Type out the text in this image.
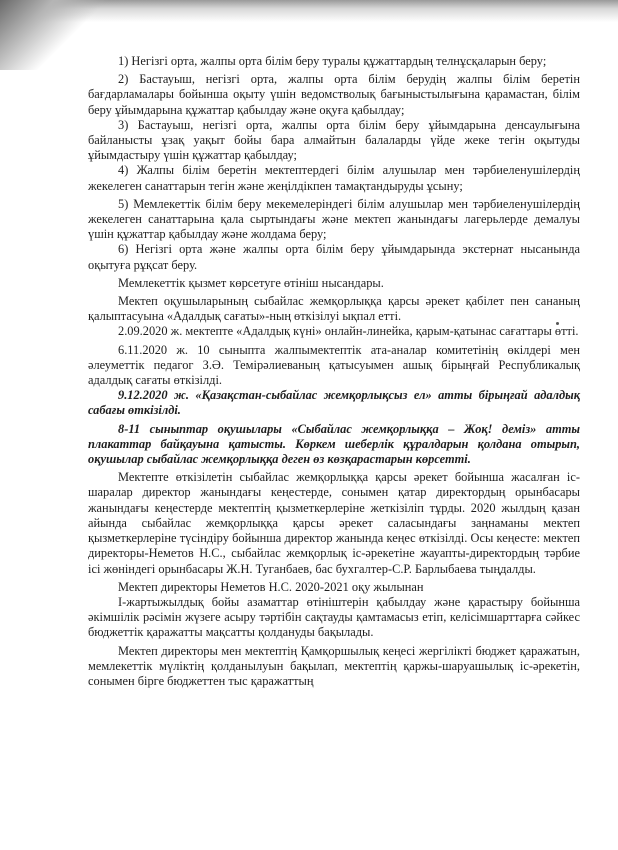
1) Негізгі орта, жалпы орта білім беру туралы құжаттардың телнұсқаларын беру;

2) Бастауыш, негізгі орта, жалпы орта білім берудің жалпы білім беретін бағдарламалары бойынша оқыту үшін ведомстволық бағыныстылығына қарамастан, білім беру ұйымдарына құжаттар қабылдау және оқуға қабылдау;

3) Бастауыш, негізгі орта, жалпы орта білім беру ұйымдарына денсаулығына байланысты ұзақ уақыт бойы бара алмайтын балаларды үйде жеке тегін оқытуды ұйымдастыру үшін құжаттар қабылдау;

4) Жалпы білім беретін мектептердегі білім алушылар мен тәрбиеленушілердің жекелеген санаттарын тегін және жеңілдікпен тамақтандыруды ұсыну;

5) Мемлекеттік білім беру мекемелеріндегі білім алушылар мен тәрбиеленушілердің жекелеген санаттарына қала сыртындағы және мектеп жанындағы лагерьлерде демалуы үшін құжаттар қабылдау және жолдама беру;

6) Негізгі орта және жалпы орта білім беру ұйымдарында экстернат нысанында оқытуға рұқсат беру.

Мемлекеттік қызмет көрсетуге өтініш нысандары.

Мектеп оқушыларының сыбайлас жемқорлыққа қарсы әрекет қабілет пен сананың қалыптасуына «Адалдық сағаты»-ның өткізілуі ықпал етті.

2.09.2020 ж. мектепте «Адалдық күні» онлайн-линейка, қарым-қатынас сағаттары өтті.

6.11.2020 ж. 10 сыныпта жалпымектептік ата-аналар комитетінің өкілдері мен әлеуметтік педагог З.Ә. Темірәлиеваның қатысуымен ашық бірыңғай Республикалық адалдық сағаты өткізілді.

9.12.2020 ж. «Қазақстан-сыбайлас жемқорлықсыз ел» атты бірыңғай адалдық сабағы өткізілді.

8-11 сыныптар оқушылары «Сыбайлас жемқорлыққа – Жоқ! деміз» атты плакаттар байқауына қатысты. Көркем шеберлік құралдарын қолдана отырып, оқушылар сыбайлас жемқорлыққа деген өз көзқарастарын көрсетті.

Мектепте өткізілетін сыбайлас жемқорлыққа қарсы әрекет бойынша жасалған іс-шаралар директор жанындағы кеңестерде, сонымен қатар директордың орынбасары жанындағы кеңестерде мектептің қызметкерлеріне жеткізіліп тұрды. 2020 жылдың қазан айында сыбайлас жемқорлыққа қарсы әрекет саласындағы заңнаманы мектеп қызметкерлеріне түсіндіру бойынша директор жанында кеңес өткізілді. Осы кеңесте: мектеп директоры-Неметов Н.С., сыбайлас жемқорлық іс-әрекетіне жауапты-директордың тәрбие ісі жөніндегі орынбасары Ж.Н. Туганбаев, бас бухгалтер-С.Р. Барлыбаева тыңдалды.

Мектеп директоры Неметов Н.С. 2020-2021 оқу жылынан

І-жартыжылдық бойы азаматтар өтініштерін қабылдау және қарастыру бойынша әкімшілік рәсімін жүзеге асыру тәртібін сақтауды қамтамасыз етіп, келісімшарттарға сәйкес бюджеттік қаражатты мақсатты қолдануды бақылады.

Мектеп директоры мен мектептің Қамқоршылық кеңесі жергілікті бюджет қаражатын, мемлекеттік мүліктің қолданылуын бақылап, мектептің қаржы-шаруашылық іс-әрекетін, сонымен бірге бюджеттен тыс қаражаттың
